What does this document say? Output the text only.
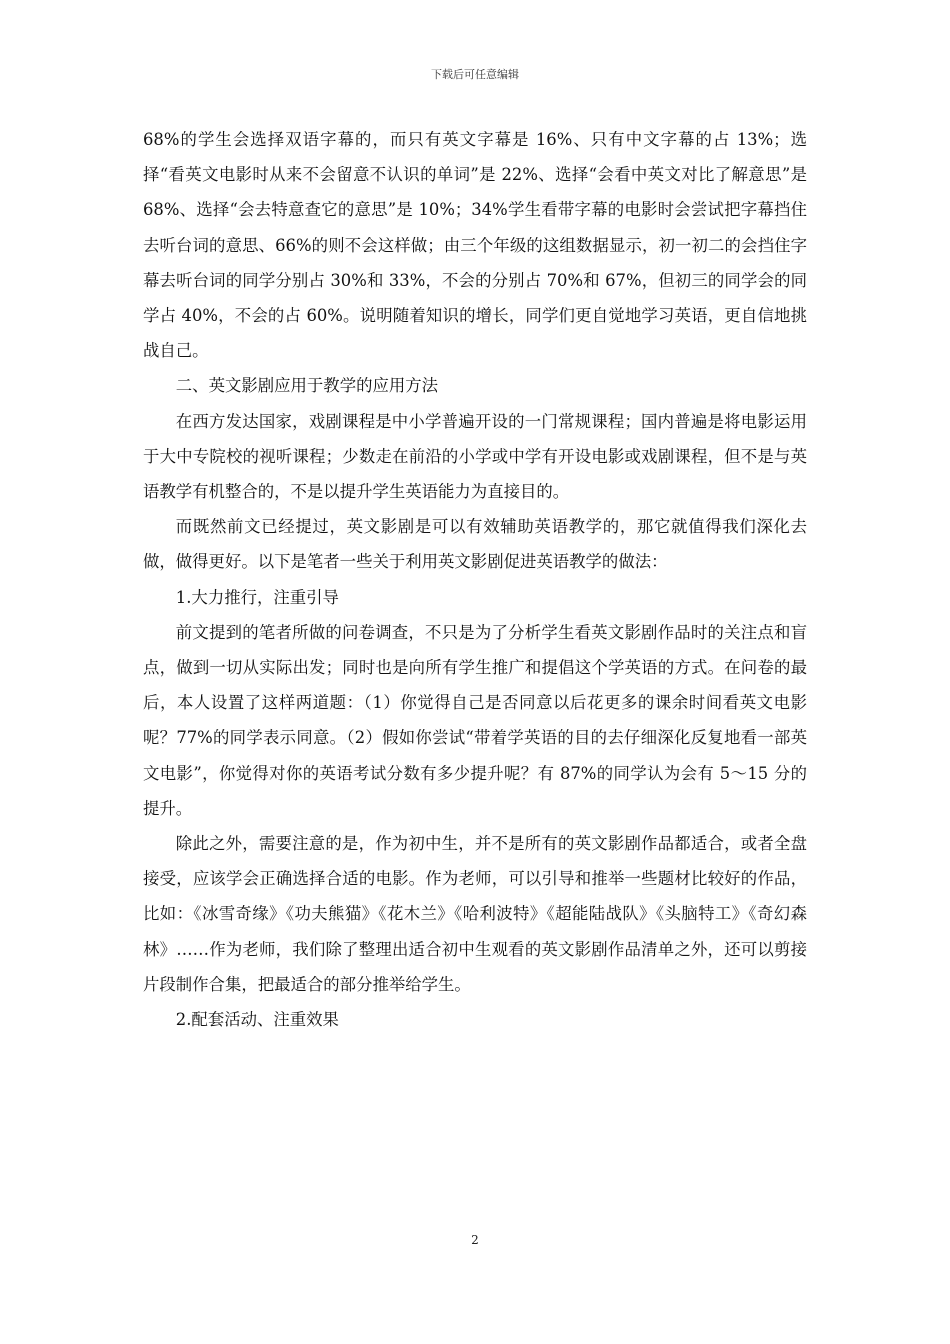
下载后可任意编辑

68%的学生会选择双语字幕的，而只有英文字幕是 16%、只有中文字幕的占 13%；选择“看英文电影时从来不会留意不认识的单词”是 22%、选择“会看中英文对比了解意思”是 68%、选择“会去特意查它的意思”是 10%；34%学生看带字幕的电影时会尝试把字幕挡住去听台词的意思、66%的则不会这样做；由三个年级的这组数据显示，初一初二的会挡住字幕去听台词的同学分别占 30%和 33%，不会的分别占 70%和 67%，但初三的同学会的同学占 40%，不会的占 60%。说明随着知识的增长，同学们更自觉地学习英语，更自信地挑战自己。

二、英文影剧应用于教学的应用方法

在西方发达国家，戏剧课程是中小学普遍开设的一门常规课程；国内普遍是将电影运用于大中专院校的视听课程；少数走在前沿的小学或中学有开设电影或戏剧课程，但不是与英语教学有机整合的，不是以提升学生英语能力为直接目的。

而既然前文已经提过，英文影剧是可以有效辅助英语教学的，那它就值得我们深化去做，做得更好。以下是笔者一些关于利用英文影剧促进英语教学的做法：

1.大力推行，注重引导

前文提到的笔者所做的问卷调查，不只是为了分析学生看英文影剧作品时的关注点和盲点，做到一切从实际出发；同时也是向所有学生推广和提倡这个学英语的方式。在问卷的最后，本人设置了这样两道题：（1）你觉得自己是否同意以后花更多的课余时间看英文电影呢？77%的同学表示同意。（2）假如你尝试“带着学英语的目的去仔细深化反复地看一部英文电影”，你觉得对你的英语考试分数有多少提升呢？有 87%的同学认为会有 5～15 分的提升。

除此之外，需要注意的是，作为初中生，并不是所有的英文影剧作品都适合，或者全盘接受，应该学会正确选择合适的电影。作为老师，可以引导和推举一些题材比较好的作品，比如：《冰雪奇缘》《功夫熊猫》《花木兰》《哈利波特》《超能陆战队》《头脑特工》《奇幻森林》……作为老师，我们除了整理出适合初中生观看的英文影剧作品清单之外，还可以剪接片段制作合集，把最适合的部分推举给学生。

2.配套活动、注重效果

2
